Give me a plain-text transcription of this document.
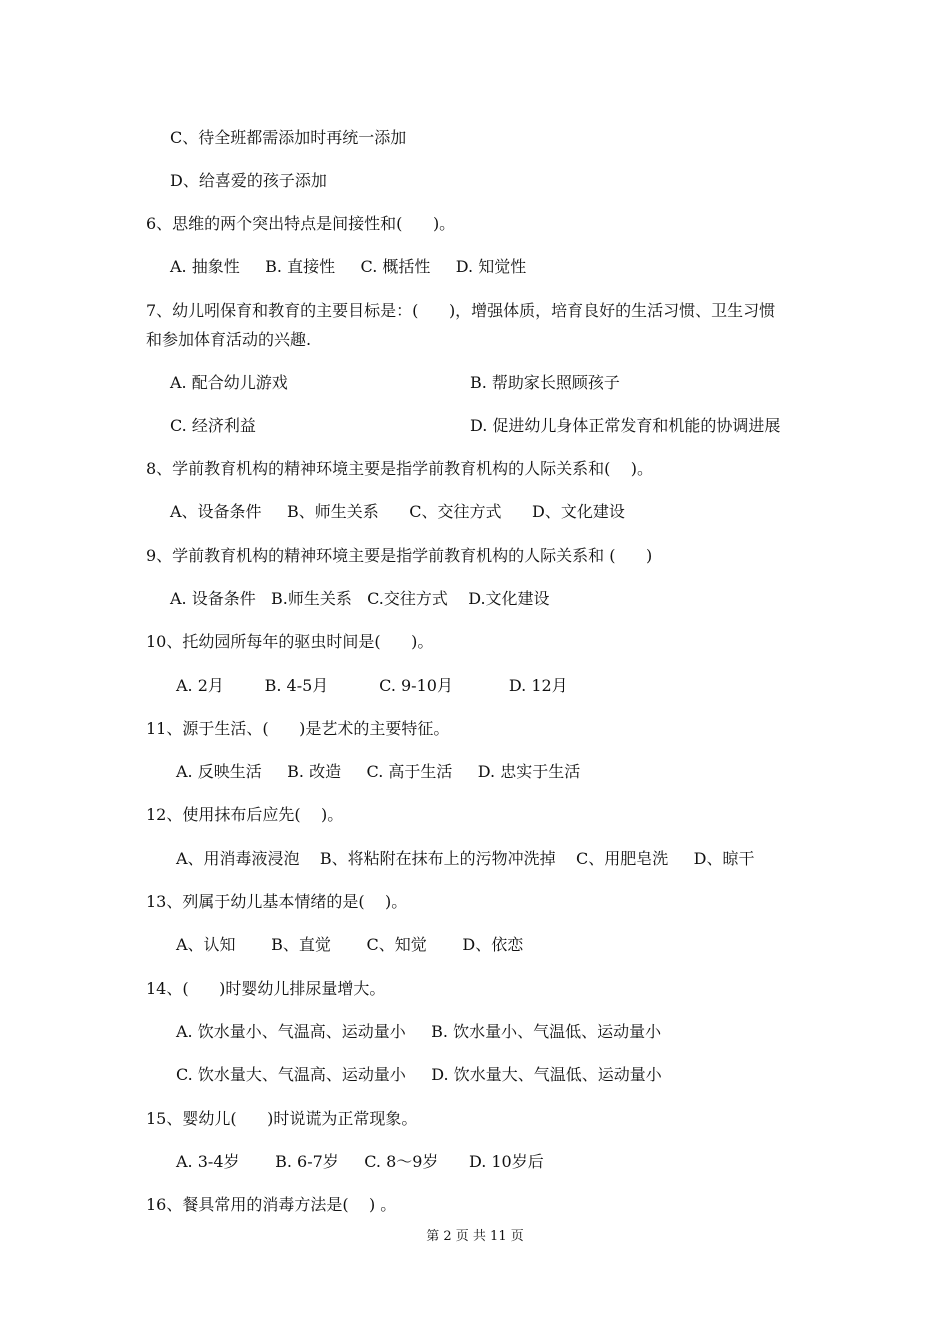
C、待全班都需添加时再统一添加
D、给喜爱的孩子添加
6、思维的两个突出特点是间接性和(      )。
A. 抽象性     B. 直接性     C. 概括性     D. 知觉性
7、幼儿吲保育和教育的主要目标是：(      )，增强体质，培育良好的生活习惯、卫生习惯
和参加体育活动的兴趣.
A. 配合幼儿游戏	B. 帮助家长照顾孩子
C. 经济利益	D. 促进幼儿身体正常发育和机能的协调进展
8、学前教育机构的精神环境主要是指学前教育机构的人际关系和(    )。
A、设备条件     B、师生关系      C、交往方式      D、文化建设
9、学前教育机构的精神环境主要是指学前教育机构的人际关系和 (      )
A. 设备条件   B.师生关系   C.交往方式    D.文化建设
10、托幼园所每年的驱虫时间是(      )。
A. 2月        B. 4-5月          C. 9-10月           D. 12月
11、源于生活、(      )是艺术的主要特征。
A. 反映生活     B. 改造     C. 高于生活     D. 忠实于生活
12、使用抹布后应先(    )。
A、用消毒液浸泡    B、将粘附在抹布上的污物冲洗掉    C、用肥皂洗     D、晾干
13、列属于幼儿基本情绪的是(    )。
A、认知       B、直觉       C、知觉       D、依恋
14、(      )时婴幼儿排尿量增大。
A. 饮水量小、气温高、运动量小     B. 饮水量小、气温低、运动量小
C. 饮水量大、气温高、运动量小     D. 饮水量大、气温低、运动量小
15、婴幼儿(      )时说谎为正常现象。
A. 3-4岁       B. 6-7岁     C. 8～9岁      D. 10岁后
16、餐具常用的消毒方法是(    ) 。
第 2 页 共 11 页
